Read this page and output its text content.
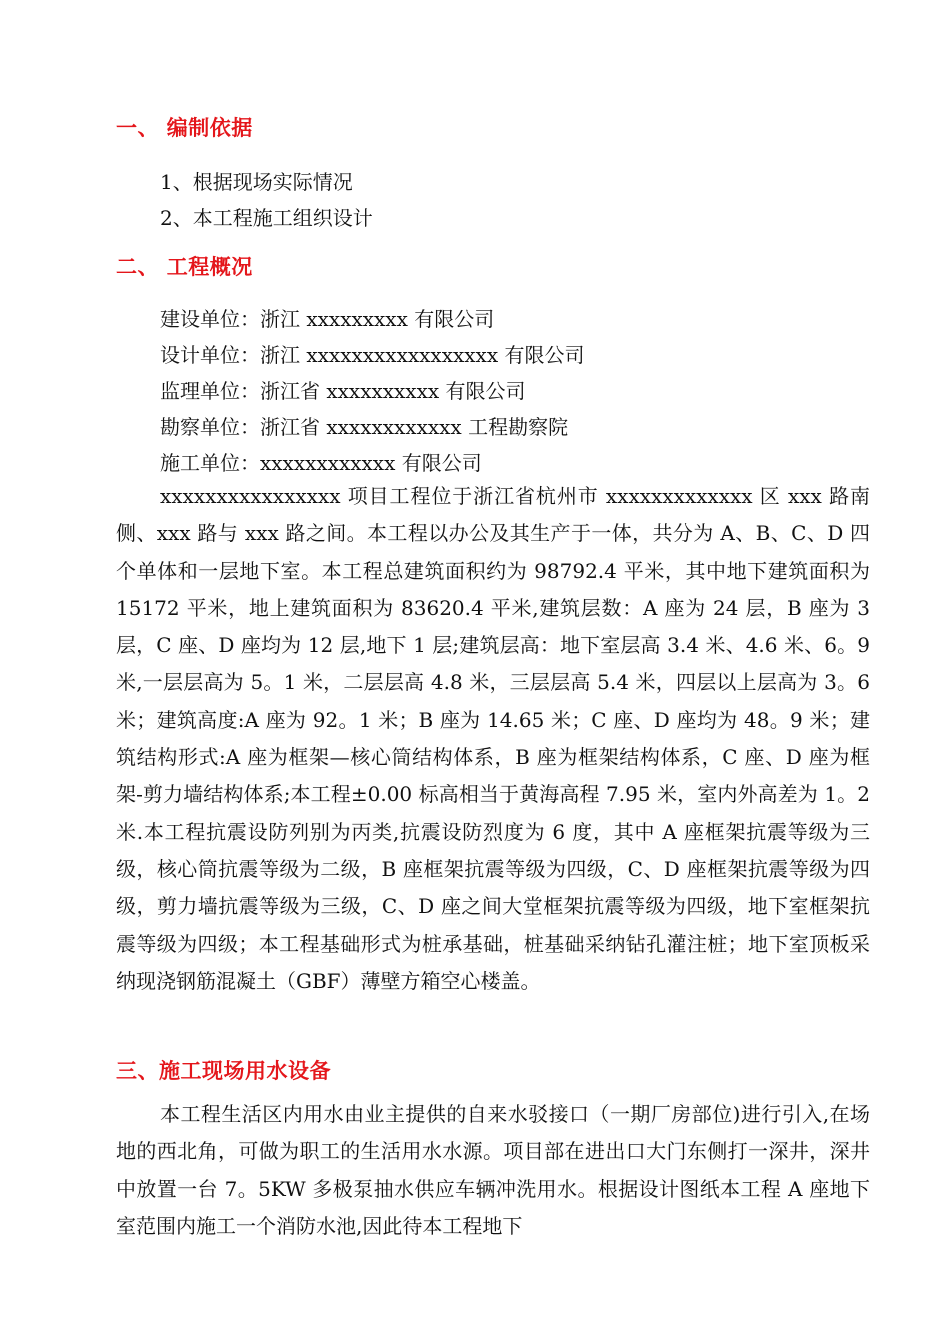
一、 编制依据
1、根据现场实际情况
2、本工程施工组织设计
二、 工程概况
建设单位：浙江 xxxxxxxxx 有限公司
设计单位：浙江 xxxxxxxxxxxxxxxxx 有限公司
监理单位：浙江省 xxxxxxxxxx 有限公司
勘察单位：浙江省 xxxxxxxxxxxx 工程勘察院
施工单位：xxxxxxxxxxxx 有限公司

xxxxxxxxxxxxxxxx 项目工程位于浙江省杭州市 xxxxxxxxxxxxx 区 xxx 路南侧、xxx 路与 xxx 路之间。本工程以办公及其生产于一体，共分为 A、B、C、D 四个单体和一层地下室。本工程总建筑面积约为 98792.4 平米，其中地下建筑面积为 15172 平米，地上建筑面积为 83620.4 平米,建筑层数：A 座为 24 层，B 座为 3 层，C 座、D 座均为 12 层,地下 1 层;建筑层高：地下室层高 3.4 米、4.6 米、6。9 米,一层层高为 5。1 米，二层层高 4.8 米，三层层高 5.4 米，四层以上层高为 3。6 米；建筑高度:A 座为 92。1 米；B 座为 14.65 米；C 座、D 座均为 48。9 米；建筑结构形式:A 座为框架—核心筒结构体系，B 座为框架结构体系，C 座、D 座为框架-剪力墙结构体系;本工程±0.00 标高相当于黄海高程 7.95 米，室内外高差为 1。2 米.本工程抗震设防列别为丙类,抗震设防烈度为 6 度，其中 A 座框架抗震等级为三级，核心筒抗震等级为二级，B 座框架抗震等级为四级，C、D 座框架抗震等级为四级，剪力墙抗震等级为三级，C、D 座之间大堂框架抗震等级为四级，地下室框架抗震等级为四级；本工程基础形式为桩承基础，桩基础采纳钻孔灌注桩；地下室顶板采纳现浇钢筋混凝土（GBF）薄壁方箱空心楼盖。

三、施工现场用水设备

本工程生活区内用水由业主提供的自来水驳接口（一期厂房部位)进行引入,在场地的西北角，可做为职工的生活用水水源。项目部在进出口大门东侧打一深井，深井中放置一台 7。5KW 多极泵抽水供应车辆冲洗用水。根据设计图纸本工程 A 座地下室范围内施工一个消防水池,因此待本工程地下
